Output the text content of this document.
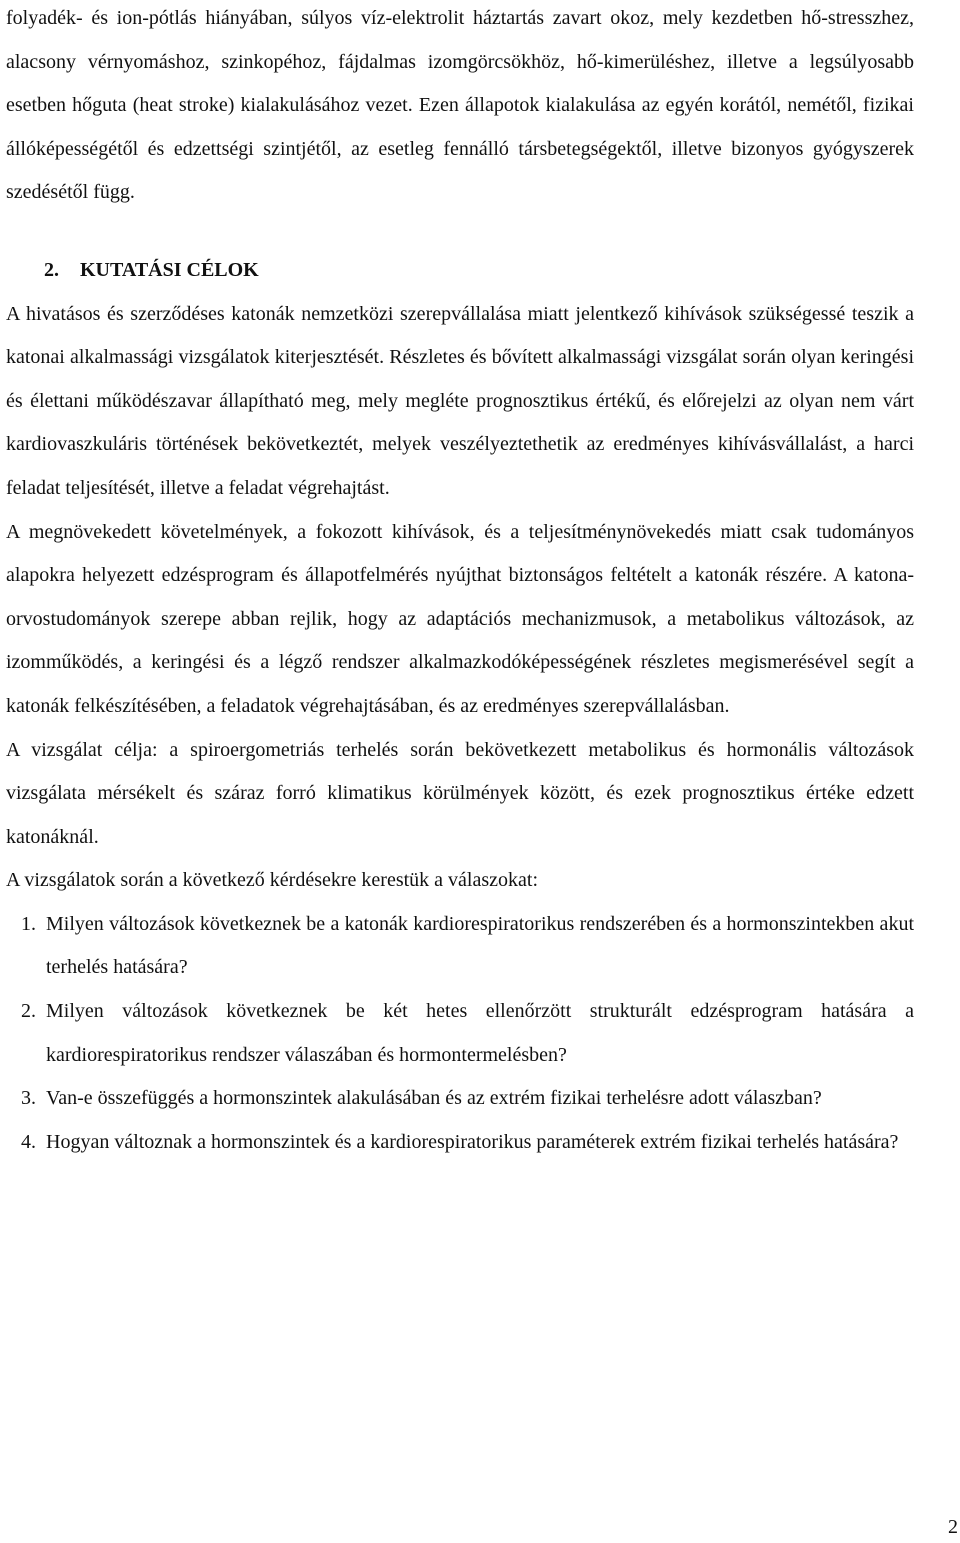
folyadék- és ion-pótlás hiányában, súlyos víz-elektrolit háztartás zavart okoz, mely kezdetben hő-stresszhez, alacsony vérnyomáshoz, szinkopéhoz, fájdalmas izomgörcsökhöz, hő-kimerüléshez, illetve a legsúlyosabb esetben hőguta (heat stroke) kialakulásához vezet. Ezen állapotok kialakulása az egyén korától, nemétől, fizikai állóképességétől és edzettségi szintjétől, az esetleg fennálló társbetegségektől, illetve bizonyos gyógyszerek szedésétől függ.

2. KUTATÁSI CÉLOK

A hivatásos és szerződéses katonák nemzetközi szerepvállalása miatt jelentkező kihívások szükségessé teszik a katonai alkalmassági vizsgálatok kiterjesztését. Részletes és bővített alkalmassági vizsgálat során olyan keringési és élettani működészavar állapítható meg, mely megléte prognosztikus értékű, és előrejelzi az olyan nem várt kardiovaszkuláris történések bekövetkeztét, melyek veszélyeztethetik az eredményes kihívásvállalást, a harci feladat teljesítését, illetve a feladat végrehajtást.

A megnövekedett követelmények, a fokozott kihívások, és a teljesítménynövekedés miatt csak tudományos alapokra helyezett edzésprogram és állapotfelmérés nyújthat biztonságos feltételt a katonák részére. A katona-orvostudományok szerepe abban rejlik, hogy az adaptációs mechanizmusok, a metabolikus változások, az izomműködés, a keringési és a légző rendszer alkalmazkodóképességének részletes megismerésével segít a katonák felkészítésében, a feladatok végrehajtásában, és az eredményes szerepvállalásban.

A vizsgálat célja: a spiroergometriás terhelés során bekövetkezett metabolikus és hormonális változások vizsgálata mérsékelt és száraz forró klimatikus körülmények között, és ezek prognosztikus értéke edzett katonáknál.

A vizsgálatok során a következő kérdésekre kerestük a válaszokat:

1. Milyen változások következnek be a katonák kardiorespiratorikus rendszerében és a hormonszintekben akut terhelés hatására?
2. Milyen változások következnek be két hetes ellenőrzött strukturált edzésprogram hatására a kardiorespiratorikus rendszer válaszában és hormontermelésben?
3. Van-e összefüggés a hormonszintek alakulásában és az extrém fizikai terhelésre adott válaszban?
4. Hogyan változnak a hormonszintek és a kardiorespiratorikus paraméterek extrém fizikai terhelés hatására?
2
